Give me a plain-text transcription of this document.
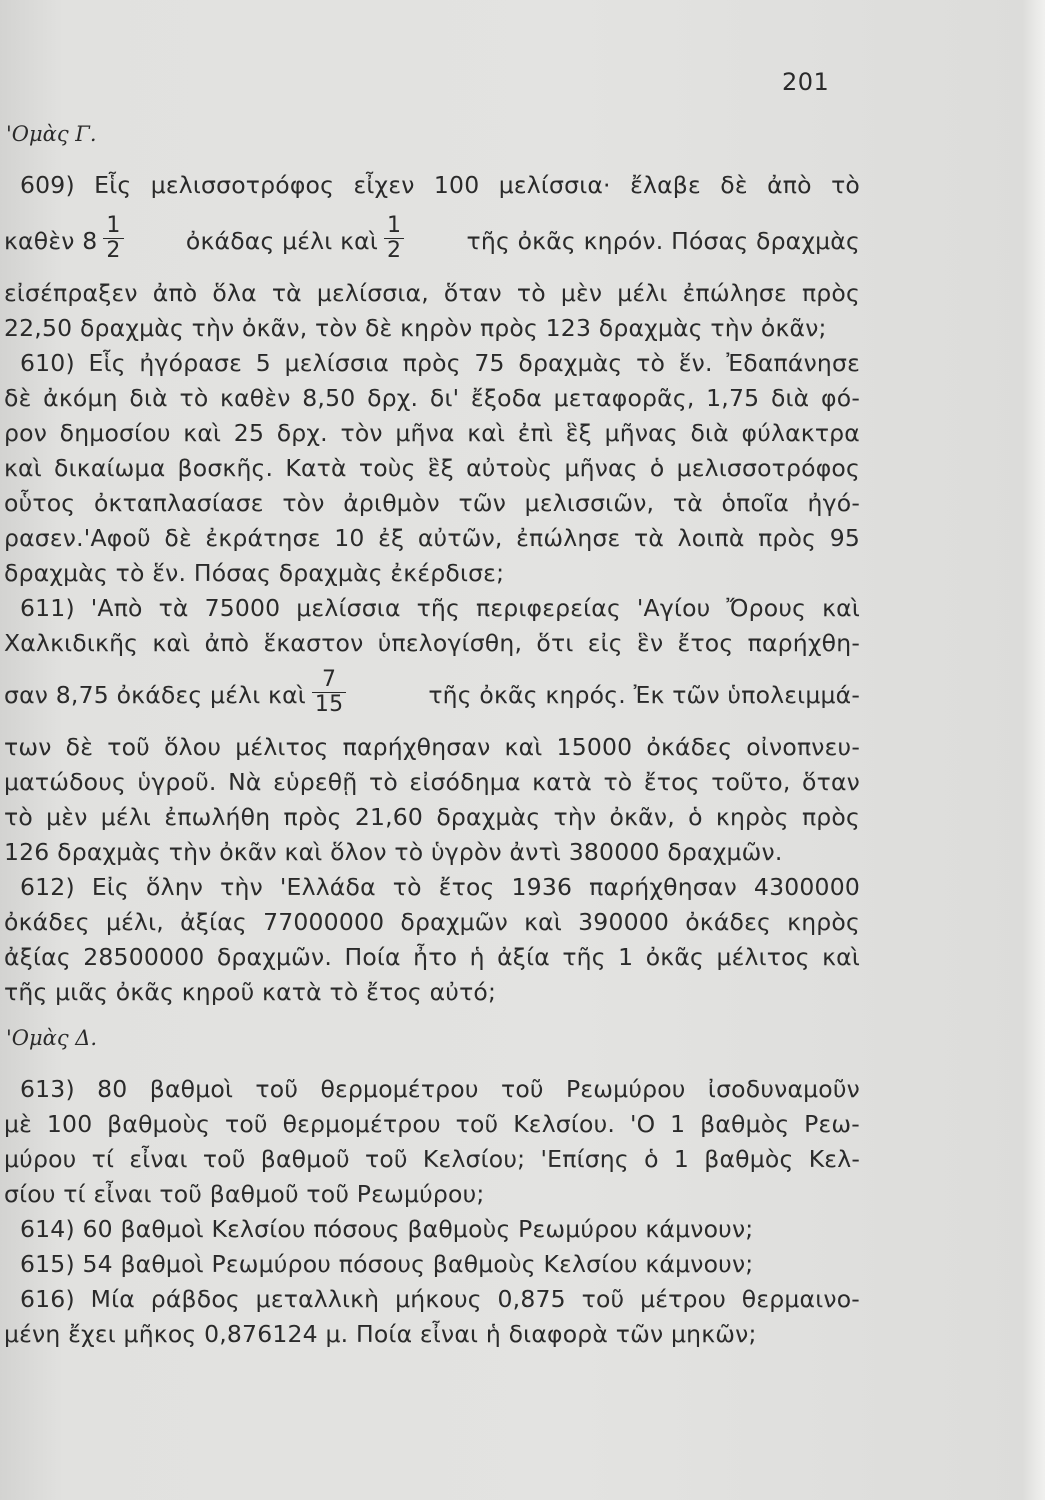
201
'Ομὰς Γ.
609) Εἷς μελισσοτρόφος εἶχεν 100 μελίσσια· ἔλαβε δὲ ἀπὸ τὸ
καθὲν $8 \frac{1}{2}$	ὀκάδας μέλι καὶ $\frac{1}{2}$	τῆς ὀκᾶς κηρόν. Πόσας δραχμὰς
εἰσέπραξεν ἀπὸ ὅλα τὰ μελίσσια, ὅταν τὸ μὲν μέλι ἐπώλησε πρὸς
22,50 δραχμὰς τὴν ὀκᾶν, τὸν δὲ κηρὸν πρὸς 123 δραχμὰς τὴν ὀκᾶν;
610) Εἷς ἠγόρασε 5 μελίσσια πρὸς 75 δραχμὰς τὸ ἕν. Ἐδαπάνησε
δὲ ἀκόμη διὰ τὸ καθὲν 8,50 δρχ. δι' ἔξοδα μεταφορᾶς, 1,75 διὰ φό-
ρον δημοσίου καὶ 25 δρχ. τὸν μῆνα καὶ ἐπὶ ἓξ μῆνας διὰ φύλακτρα
καὶ δικαίωμα βοσκῆς. Κατὰ τοὺς ἓξ αὐτοὺς μῆνας ὁ μελισσοτρόφος
οὗτος ὀκταπλασίασε τὸν ἀριθμὸν τῶν μελισσιῶν, τὰ ὁποῖα ἠγό-
ρασεν.'Αφοῦ δὲ ἐκράτησε 10 ἐξ αὐτῶν, ἐπώλησε τὰ λοιπὰ πρὸς 95
δραχμὰς τὸ ἕν. Πόσας δραχμὰς ἐκέρδισε;
611) 'Απὸ τὰ 75000 μελίσσια τῆς περιφερείας 'Αγίου Ὄρους καὶ
Χαλκιδικῆς καὶ ἀπὸ ἕκαστον ὑπελογίσθη, ὅτι εἰς ἓν ἔτος παρήχθη-
σαν 8,75 ὀκάδες μέλι καὶ $\frac{7}{15}$	τῆς ὀκᾶς κηρός. Ἐκ τῶν ὑπολειμμά-
των δὲ τοῦ ὅλου μέλιτος παρήχθησαν καὶ 15000 ὀκάδες οἰνοπνευ-
ματώδους ὑγροῦ. Νὰ εὑρεθῇ τὸ εἰσόδημα κατὰ τὸ ἔτος τοῦτο, ὅταν
τὸ μὲν μέλι ἐπωλήθη πρὸς 21,60 δραχμὰς τὴν ὀκᾶν, ὁ κηρὸς πρὸς
126 δραχμὰς τὴν ὀκᾶν καὶ ὅλον τὸ ὑγρὸν ἀντὶ 380000 δραχμῶν.
612) Εἰς ὅλην τὴν 'Ελλάδα τὸ ἔτος 1936 παρήχθησαν 4300000
ὀκάδες μέλι, ἀξίας 77000000 δραχμῶν καὶ 390000 ὀκάδες κηρὸς
ἀξίας 28500000 δραχμῶν. Ποία ἦτο ἡ ἀξία τῆς 1 ὀκᾶς μέλιτος καὶ
τῆς μιᾶς ὀκᾶς κηροῦ κατὰ τὸ ἔτος αὐτό;
'Ομὰς Δ.
613) 80 βαθμοὶ τοῦ θερμομέτρου τοῦ Ρεωμύρου ἰσοδυναμοῦν
μὲ 100 βαθμοὺς τοῦ θερμομέτρου τοῦ Κελσίου. 'Ο 1 βαθμὸς Ρεω-
μύρου τί εἶναι τοῦ βαθμοῦ τοῦ Κελσίου; 'Επίσης ὁ 1 βαθμὸς Κελ-
σίου τί εἶναι τοῦ βαθμοῦ τοῦ Ρεωμύρου;
614) 60 βαθμοὶ Κελσίου πόσους βαθμοὺς Ρεωμύρου κάμνουν;
615) 54 βαθμοὶ Ρεωμύρου πόσους βαθμοὺς Κελσίου κάμνουν;
616) Μία ράβδος μεταλλικὴ μήκους 0,875 τοῦ μέτρου θερμαινο-
μένη ἔχει μῆκος 0,876124 μ. Ποία εἶναι ἡ διαφορὰ τῶν μηκῶν;
